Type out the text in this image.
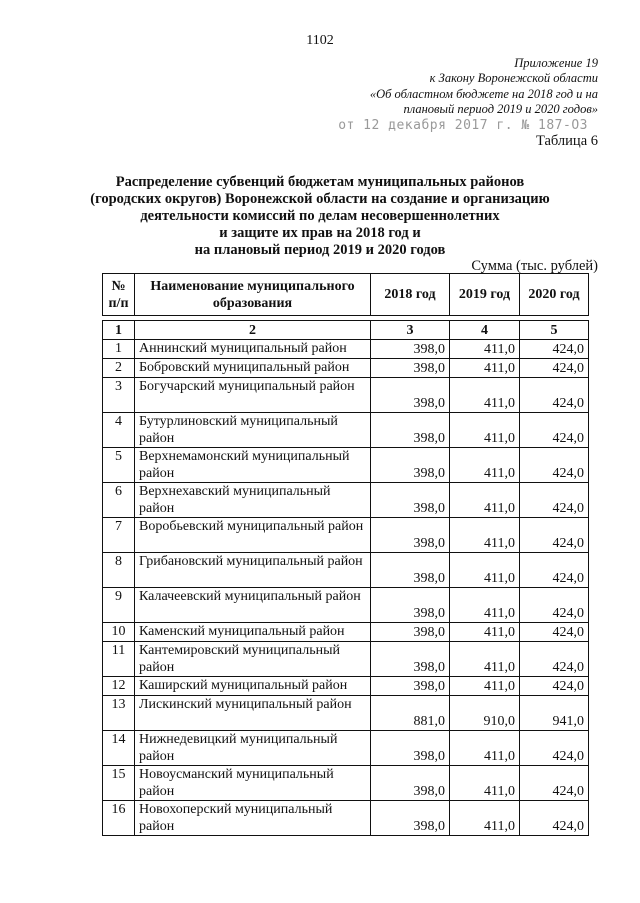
1102
Приложение 19
к Закону Воронежской области
«Об областном бюджете на 2018 год и на
плановый период 2019 и 2020 годов»
от 12 декабря 2017 г. № 187-ОЗ
Таблица 6
Распределение субвенций бюджетам муниципальных районов
(городских округов) Воронежской области на создание и организацию
деятельности комиссий по делам несовершеннолетних
и защите их прав на 2018 год и
на плановый период 2019 и 2020 годов
Сумма (тыс. рублей)
№ п/п	Наименование муниципального образования	2018 год	2019 год	2020 год

1	2	3	4	5
1	Аннинский муниципальный район	398,0	411,0	424,0
2	Бобровский муниципальный район	398,0	411,0	424,0
3	Богучарский муниципальный район	398,0	411,0	424,0
4	Бутурлиновский муниципальный район	398,0	411,0	424,0
5	Верхнемамонский муниципальный район	398,0	411,0	424,0
6	Верхнехавский муниципальный район	398,0	411,0	424,0
7	Воробьевский муниципальный район	398,0	411,0	424,0
8	Грибановский муниципальный район	398,0	411,0	424,0
9	Калачеевский муниципальный район	398,0	411,0	424,0
10	Каменский муниципальный район	398,0	411,0	424,0
11	Кантемировский муниципальный район	398,0	411,0	424,0
12	Каширский муниципальный район	398,0	411,0	424,0
13	Лискинский муниципальный район	881,0	910,0	941,0
14	Нижнедевицкий муниципальный район	398,0	411,0	424,0
15	Новоусманский муниципальный район	398,0	411,0	424,0
16	Новохоперский муниципальный район	398,0	411,0	424,0
